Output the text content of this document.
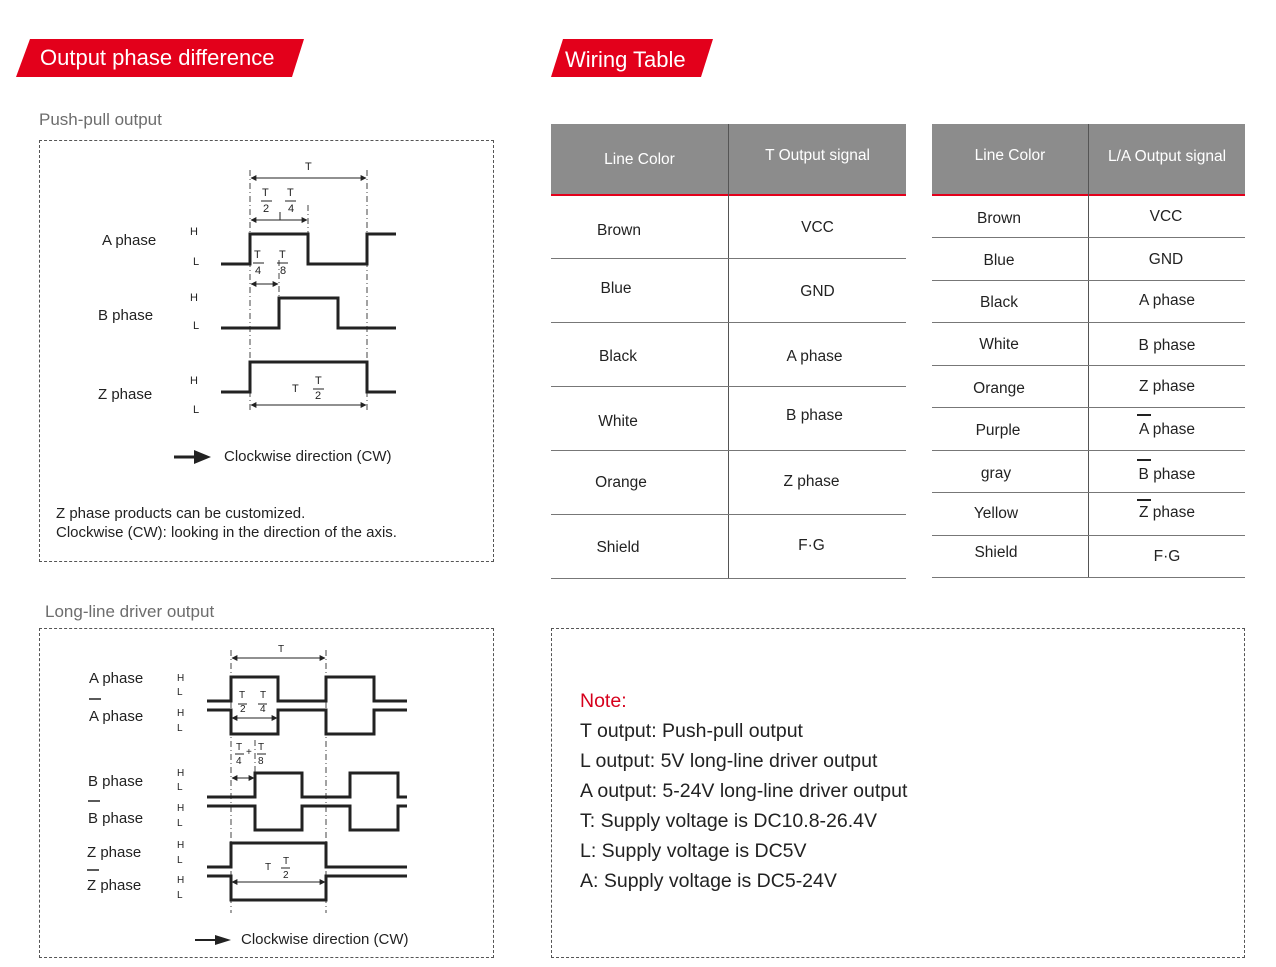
Output phase difference	Wiring Table
Push-pull output
A phase
B phase
Z phase
H
L
H
L
H
L
T
T
2
T
4
T
4
T
8
T
T
2
Clockwise direction (CW)
Z phase products can be customized.
Clockwise (CW): looking in the direction of the axis.
Long-line driver output
A phase
A phase
B phase
B phase
Z phase
Z phase
H
L
H
L
H
L
H
L
H
L
H
L
T
T
2
T
4
T
4
+ T
8
T
T
2
Clockwise direction (CW)
Line Color	T Output signal
Brown	VCC
Blue	GND
Black	A phase
White	B phase
Orange	Z phase
Shield	F·G
Line Color	L/A Output signal
Brown	VCC
Blue	GND
Black	A phase
White	B phase
Orange	Z phase
Purple	A phase
gray	B phase
Yellow	Z phase
Shield	F·G
Note:
T output: Push-pull output
L output: 5V long-line driver output
A output: 5-24V long-line driver output
T: Supply voltage is DC10.8-26.4V
L: Supply voltage is DC5V
A: Supply voltage is DC5-24V
